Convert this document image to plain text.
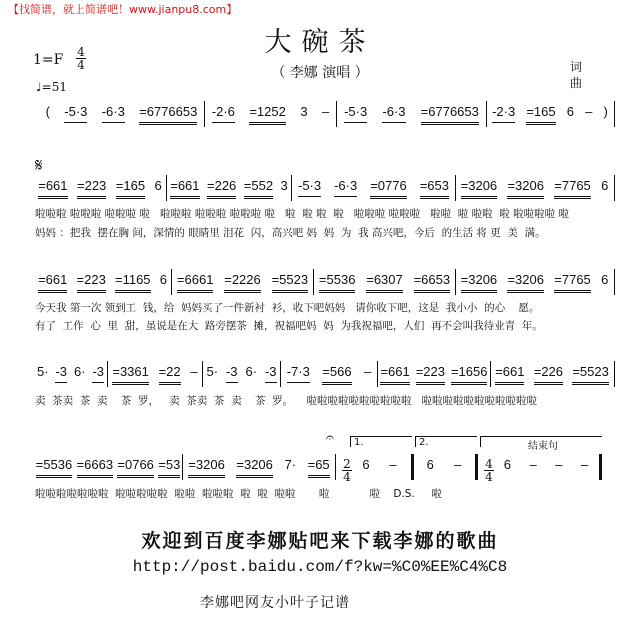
【找简谱，就上简谱吧！www.jianpu8.com】
大碗茶
（ 李娜 演唱 ）
1=F 4
4
♩=51
词
曲
𝄋
𝄐	1.	2.	结束句
2
4
4
4
( -5·3 -6·3 =6776653 -2·6 =1252 3 – -5·3 -6·3 =6776653 -2·3 =165 6 – )
=661 =223 =165 6 =661 =226 =552 3 -5·3 -6·3 =0776 =653 =3206 =3206 =7765 6
啦啦啦 啦啦啦 啦啦啦 啦   啦啦啦 啦啦啦 啦啦啦 啦   啦  啦 啦  啦   啦啦啦 啦啦啦   啦啦  啦 啦啦  啦 啦啦啦啦 啦
妈妈 ：把我  摆在胸 间，深情的 眼睛里 泪花  闪，高兴吧 妈  妈  为  我 高兴吧，今后  的生活 将 更  美  满。
=661 =223 =1165 6 =6661 =2226 =5523 =5536 =6307 =6653 =3206 =3206 =7765 6
今天我 第一次 领到工  钱，给  妈妈买了一件新衬  衫，收下吧妈妈   请你收下吧，这是  我小小  的心    愿。
有了  工作  心  里  甜，虽说是在大  路旁摆茶  摊，祝福吧妈  妈  为我祝福吧，人们  再不会叫我待业青  年。
5· -3 6· -3 =3361 =22 – 5· -3 6· -3 -7·3 =566 – =661 =223 =1656 =661 =226 =5523
卖  茶卖  茶  卖    茶  罗，   卖  茶卖  茶  卖    茶  罗。    啦啦啦啦啦啦啦啦啦啦   啦啦啦啦啦啦啦啦啦啦啦
=5536 =6663 =0766 =53 =3206 =3206 7· =65	6 – 6 –	6 – – –
啦啦啦啦啦啦啦  啦啦啦啦啦  啦啦  啦啦啦  啦  啦  啦啦       啦            啦    D.S.     啦
欢迎到百度李娜贴吧来下载李娜的歌曲
http://post.baidu.com/f?kw=%C0%EE%C4%C8
李娜吧网友小叶子记谱
